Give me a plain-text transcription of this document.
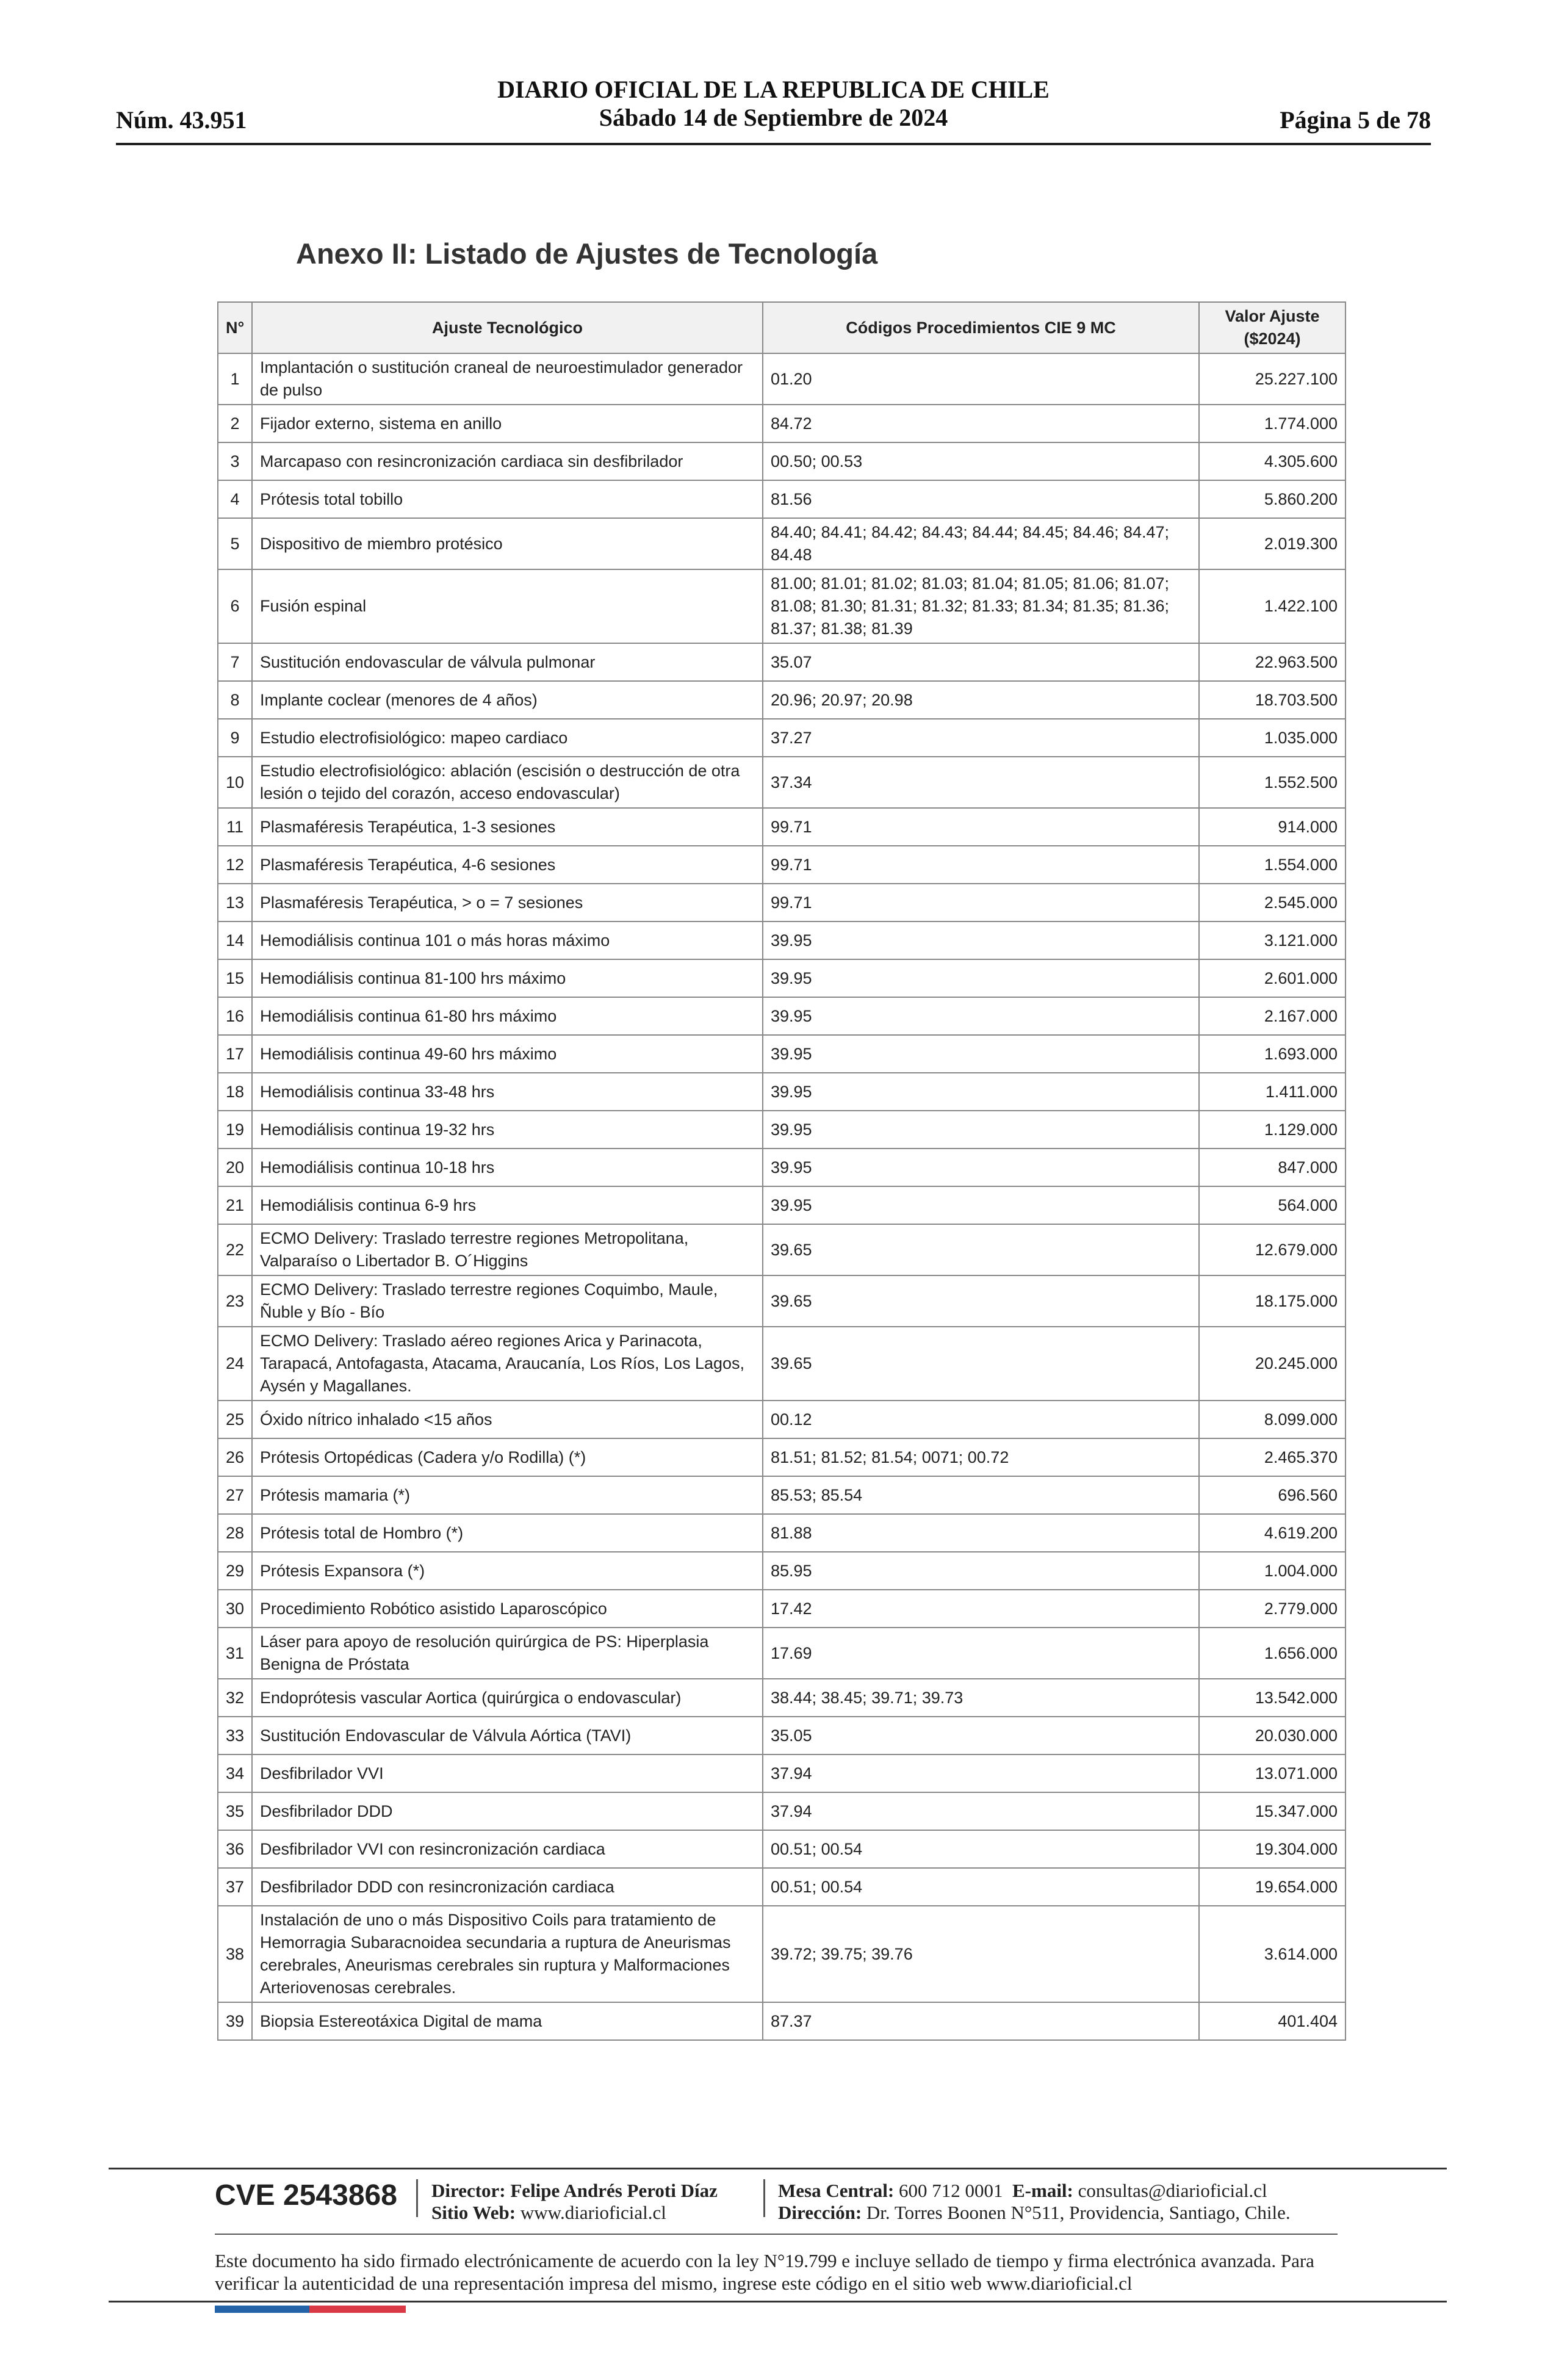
Núm. 43.951
DIARIO OFICIAL DE LA REPUBLICA DE CHILE
Sábado 14 de Septiembre de 2024	Página 5 de 78
Anexo II: Listado de Ajustes de Tecnología
N°	Ajuste Tecnológico	Códigos Procedimientos CIE 9 MC	Valor Ajuste
($2024)

1	Implantación o sustitución craneal de neuroestimulador generador de pulso	01.20	25.227.100
2	Fijador externo, sistema en anillo	84.72	1.774.000
3	Marcapaso con resincronización cardiaca sin desfibrilador	00.50; 00.53	4.305.600
4	Prótesis total tobillo	81.56	5.860.200
5	Dispositivo de miembro protésico	84.40; 84.41; 84.42; 84.43; 84.44; 84.45; 84.46; 84.47; 84.48	2.019.300
6	Fusión espinal	81.00; 81.01; 81.02; 81.03; 81.04; 81.05; 81.06; 81.07; 81.08; 81.30; 81.31; 81.32; 81.33; 81.34; 81.35; 81.36; 81.37; 81.38; 81.39	1.422.100
7	Sustitución endovascular de válvula pulmonar	35.07	22.963.500
8	Implante coclear (menores de 4 años)	20.96; 20.97; 20.98	18.703.500
9	Estudio electrofisiológico: mapeo cardiaco	37.27	1.035.000
10	Estudio electrofisiológico: ablación (escisión o destrucción de otra lesión o tejido del corazón, acceso endovascular)	37.34	1.552.500
11	Plasmaféresis Terapéutica, 1-3 sesiones	99.71	914.000
12	Plasmaféresis Terapéutica, 4-6 sesiones	99.71	1.554.000
13	Plasmaféresis Terapéutica, > o = 7 sesiones	99.71	2.545.000
14	Hemodiálisis continua 101 o más horas máximo	39.95	3.121.000
15	Hemodiálisis continua 81-100 hrs máximo	39.95	2.601.000
16	Hemodiálisis continua 61-80 hrs máximo	39.95	2.167.000
17	Hemodiálisis continua 49-60 hrs máximo	39.95	1.693.000
18	Hemodiálisis continua 33-48 hrs	39.95	1.411.000
19	Hemodiálisis continua 19-32 hrs	39.95	1.129.000
20	Hemodiálisis continua 10-18 hrs	39.95	847.000
21	Hemodiálisis continua 6-9 hrs	39.95	564.000
22	ECMO Delivery: Traslado terrestre regiones Metropolitana, Valparaíso o Libertador B. O´Higgins	39.65	12.679.000
23	ECMO Delivery: Traslado terrestre regiones Coquimbo, Maule, Ñuble y Bío - Bío	39.65	18.175.000
24	ECMO Delivery: Traslado aéreo regiones Arica y Parinacota, Tarapacá, Antofagasta, Atacama, Araucanía, Los Ríos, Los Lagos, Aysén y Magallanes.	39.65	20.245.000
25	Óxido nítrico inhalado <15 años	00.12	8.099.000
26	Prótesis Ortopédicas (Cadera y/o Rodilla) (*)	81.51; 81.52; 81.54; 0071; 00.72	2.465.370
27	Prótesis mamaria (*)	85.53; 85.54	696.560
28	Prótesis total de Hombro (*)	81.88	4.619.200
29	Prótesis Expansora (*)	85.95	1.004.000
30	Procedimiento Robótico asistido Laparoscópico	17.42	2.779.000
31	Láser para apoyo de resolución quirúrgica de PS: Hiperplasia Benigna de Próstata	17.69	1.656.000
32	Endoprótesis vascular Aortica (quirúrgica o endovascular)	38.44; 38.45; 39.71; 39.73	13.542.000
33	Sustitución Endovascular de Válvula Aórtica (TAVI)	35.05	20.030.000
34	Desfibrilador VVI	37.94	13.071.000
35	Desfibrilador DDD	37.94	15.347.000
36	Desfibrilador VVI con resincronización cardiaca	00.51; 00.54	19.304.000
37	Desfibrilador DDD con resincronización cardiaca	00.51; 00.54	19.654.000
38	Instalación de uno o más Dispositivo Coils para tratamiento de Hemorragia Subaracnoidea secundaria a ruptura de Aneurismas cerebrales, Aneurismas cerebrales sin ruptura y Malformaciones Arteriovenosas cerebrales.	39.72; 39.75; 39.76	3.614.000
39	Biopsia Estereotáxica Digital de mama	87.37	401.404
CVE 2543868 Director: Felipe Andrés Peroti Díaz
Sitio Web: www.diarioficial.cl
Mesa Central: 600 712 0001 E-mail: consultas@diarioficial.cl
Dirección: Dr. Torres Boonen N°511, Providencia, Santiago, Chile.
Este documento ha sido firmado electrónicamente de acuerdo con la ley N°19.799 e incluye sellado de tiempo y firma electrónica avanzada. Para verificar la autenticidad de una representación impresa del mismo, ingrese este código en el sitio web www.diarioficial.cl
